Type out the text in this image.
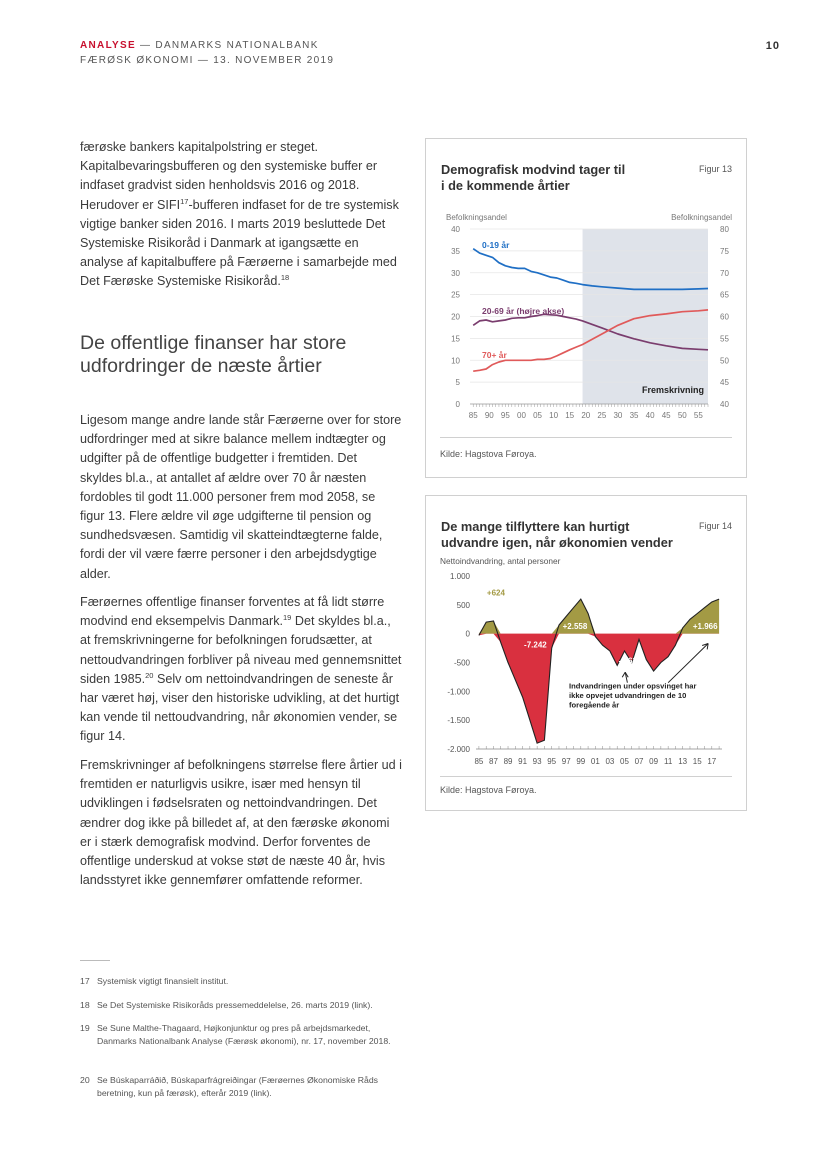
ANALYSE — DANMARKS NATIONALBANK
FÆRØSK ØKONOMI — 13. NOVEMBER 2019
10

færøske bankers kapitalpolstring er steget. Kapitalbevaringsbufferen og den systemiske buffer er indfaset gradvist siden henholdsvis 2016 og 2018. Herudover er SIFI$^{17}$-bufferen indfaset for de tre systemisk vigtige banker siden 2016. I marts 2019 besluttede Det Systemiske Risikoråd i Danmark at igangsætte en analyse af kapitalbuffere på Færøerne i samarbejde med Det Færøske Systemiske Risikoråd.$^{18}$

De offentlige finanser har store udfordringer de næste årtier

Ligesom mange andre lande står Færøerne over for store udfordringer med at sikre balance mellem indtægter og udgifter på de offentlige budgetter i fremtiden. Det skyldes bl.a., at antallet af ældre over 70 år næsten fordobles til godt 11.000 personer frem mod 2058, se figur 13. Flere ældre vil øge udgifterne til pension og sundhedsvæsen. Samtidig vil skatteindtægterne falde, fordi der vil være færre personer i den arbejdsdygtige alder.

Færøernes offentlige finanser forventes at få lidt større modvind end eksempelvis Danmark.$^{19}$ Det skyldes bl.a., at fremskrivningerne for befolkningen forudsætter, at nettoudvandringen forbliver på niveau med gennemsnittet siden 1985.20 Selv om nettoindvandringen de seneste år har været høj, viser den historiske udvikling, at det hurtigt kan vende til nettoudvandring, når økonomien vender, se figur 14.

Fremskrivninger af befolkningens størrelse flere årtier ud i fremtiden er naturligvis usikre, især med hensyn til udviklingen i fødselsraten og nettoindvandringen. Det ændrer dog ikke på billedet af, at den færøske økonomi er i stærk demografisk modvind. Derfor forventes de offentlige underskud at vokse støt de næste 40 år, hvis landsstyret ikke gennemfører omfattende reformer.

Demografisk modvind tager til
i de kommende årtier
Figur 13
Befolkningsandel	Befolkningsandel
0
5
10
15
20
25
30
35
40
40
45
50
55
60
65
70
75
80
85 90 95 00 05 10 15 20 25 30 35 40 45 50 55
0-19 år
20-69 år (højre akse)
70+ år
Fremskrivning
Kilde: Hagstova Føroya.
De mange tilflyttere kan hurtigt
udvandre igen, når økonomien vender
Figur 14
Nettoindvandring, antal personer
1.000
500
0
-500
-1.000
-1.500
-2.000
85 87 89 91 93 95 97 99 01 03 05 07 09 11 13 15 17
+624
-7.242
+2.558
-2.613
+1.966
Indvandringen under opsvinget har
ikke opvejet udvandringen de 10
foregående år
Kilde: Hagstova Føroya.
17 Systemisk vigtigt finansielt institut.
18 Se Det Systemiske Risikoråds pressemeddelelse, 26. marts 2019 (link).
19 Se Sune Malthe-Thagaard, Højkonjunktur og pres på arbejdsmarkedet, Danmarks Nationalbank Analyse (Færøsk økonomi), nr. 17, november 2018.
20 Se Búskaparráðið, Búskaparfrágreiðingar (Færøernes Økonomiske Råds beretning, kun på færøsk), efterår 2019 (link).
